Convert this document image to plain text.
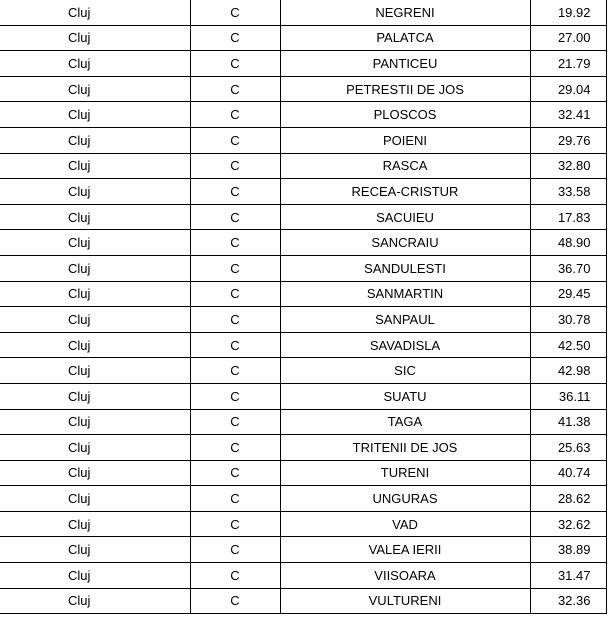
Cluj	C	NEGRENI	19.92
Cluj	C	PALATCA	27.00
Cluj	C	PANTICEU	21.79
Cluj	C	PETRESTII DE JOS	29.04
Cluj	C	PLOSCOS	32.41
Cluj	C	POIENI	29.76
Cluj	C	RASCA	32.80
Cluj	C	RECEA-CRISTUR	33.58
Cluj	C	SACUIEU	17.83
Cluj	C	SANCRAIU	48.90
Cluj	C	SANDULESTI	36.70
Cluj	C	SANMARTIN	29.45
Cluj	C	SANPAUL	30.78
Cluj	C	SAVADISLA	42.50
Cluj	C	SIC	42.98
Cluj	C	SUATU	36.11
Cluj	C	TAGA	41.38
Cluj	C	TRITENII DE JOS	25.63
Cluj	C	TURENI	40.74
Cluj	C	UNGURAS	28.62
Cluj	C	VAD	32.62
Cluj	C	VALEA IERII	38.89
Cluj	C	VIISOARA	31.47
Cluj	C	VULTURENI	32.36
